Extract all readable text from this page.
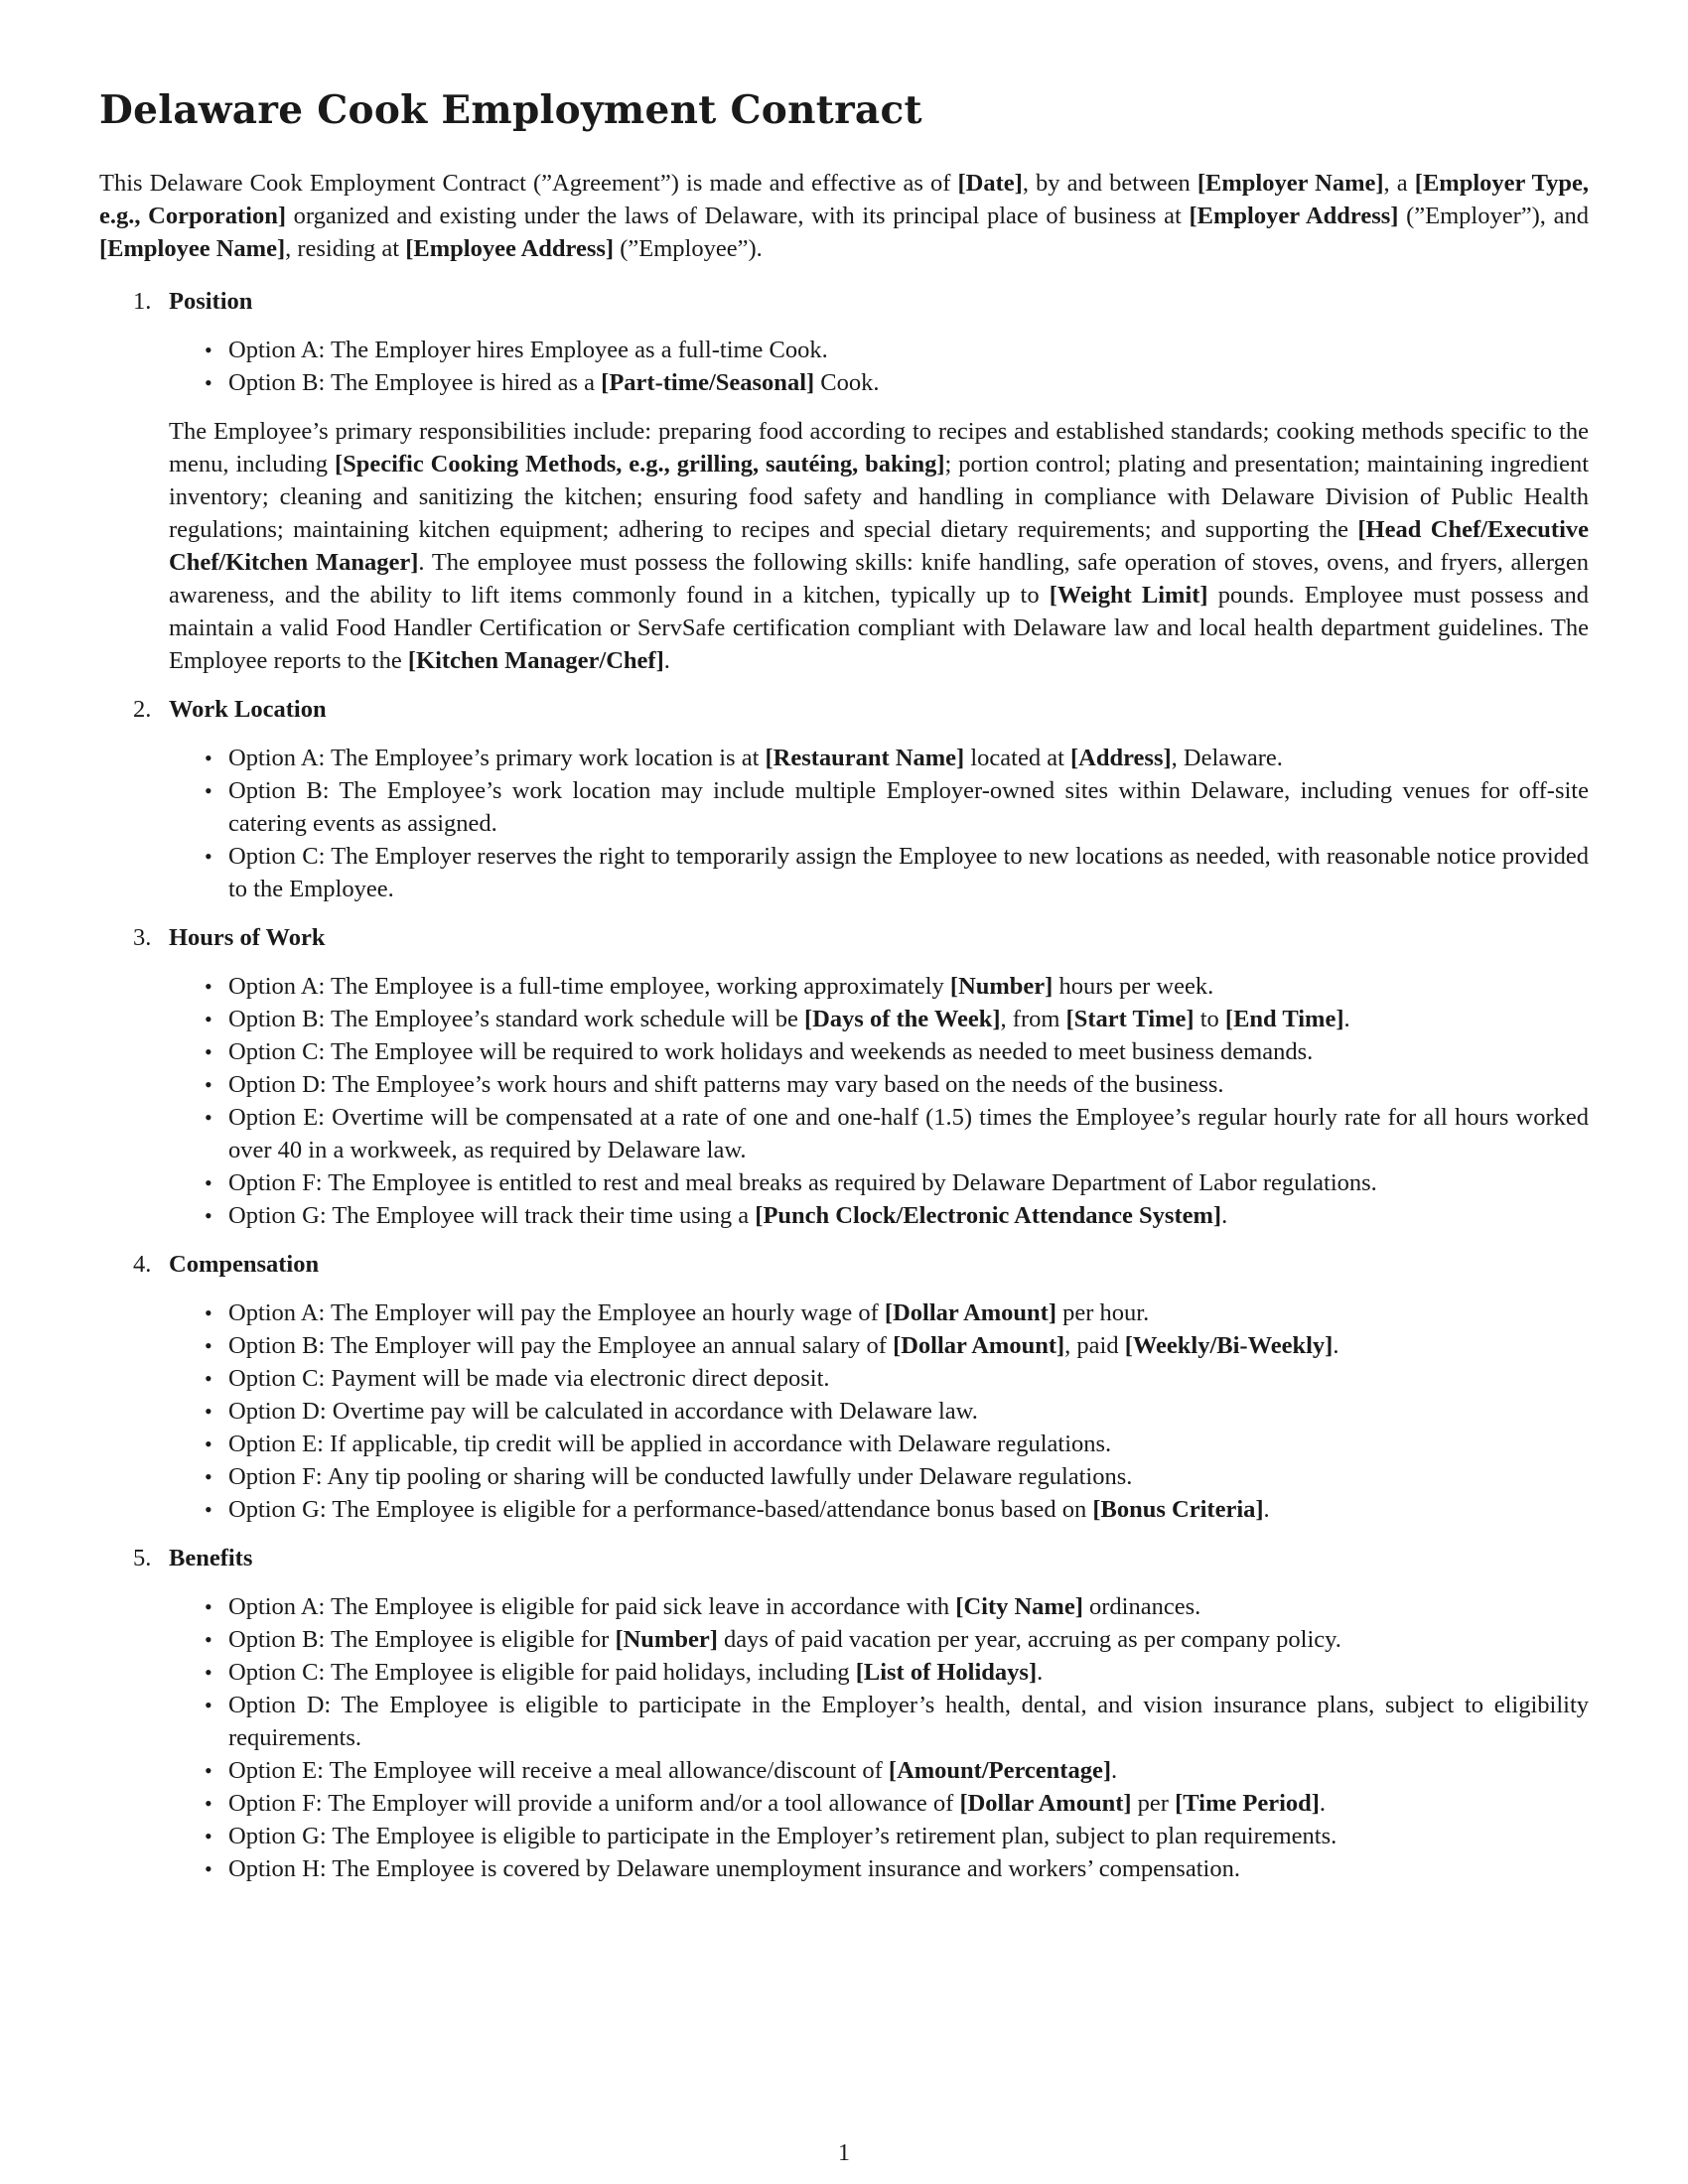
Delaware Cook Employment Contract

This Delaware Cook Employment Contract (”Agreement”) is made and effective as of [Date], by and between [Employer Name], a [Employer Type, e.g., Corporation] organized and existing under the laws of Delaware, with its principal place of business at [Employer Address] (”Employer”), and [Employee Name], residing at [Employee Address] (”Employee”).

1. Position
• Option A: The Employer hires Employee as a full-time Cook.
• Option B: The Employee is hired as a [Part-time/Seasonal] Cook.

The Employee’s primary responsibilities include: preparing food according to recipes and established standards; cooking methods specific to the menu, including [Specific Cooking Methods, e.g., grilling, sautéing, baking]; portion control; plating and presentation; maintaining ingredient inventory; cleaning and sanitizing the kitchen; ensuring food safety and handling in compliance with Delaware Division of Public Health regulations; maintaining kitchen equipment; adhering to recipes and special dietary requirements; and supporting the [Head Chef/Executive Chef/Kitchen Manager]. The employee must possess the following skills: knife handling, safe operation of stoves, ovens, and fryers, allergen awareness, and the ability to lift items commonly found in a kitchen, typically up to [Weight Limit] pounds. Employee must possess and maintain a valid Food Handler Certification or ServSafe certification compliant with Delaware law and local health department guidelines. The Employee reports to the [Kitchen Manager/Chef].

2. Work Location
• Option A: The Employee’s primary work location is at [Restaurant Name] located at [Address], Delaware.
• Option B: The Employee’s work location may include multiple Employer-owned sites within Delaware, including venues for off-site catering events as assigned.
• Option C: The Employer reserves the right to temporarily assign the Employee to new locations as needed, with reasonable notice provided to the Employee.
3. Hours of Work
• Option A: The Employee is a full-time employee, working approximately [Number] hours per week.
• Option B: The Employee’s standard work schedule will be [Days of the Week], from [Start Time] to [End Time].
• Option C: The Employee will be required to work holidays and weekends as needed to meet business demands.
• Option D: The Employee’s work hours and shift patterns may vary based on the needs of the business.
• Option E: Overtime will be compensated at a rate of one and one-half (1.5) times the Employee’s regular hourly rate for all hours worked over 40 in a workweek, as required by Delaware law.
• Option F: The Employee is entitled to rest and meal breaks as required by Delaware Department of Labor regulations.
• Option G: The Employee will track their time using a [Punch Clock/Electronic Attendance System].
4. Compensation
• Option A: The Employer will pay the Employee an hourly wage of [Dollar Amount] per hour.
• Option B: The Employer will pay the Employee an annual salary of [Dollar Amount], paid [Weekly/Bi-Weekly].
• Option C: Payment will be made via electronic direct deposit.
• Option D: Overtime pay will be calculated in accordance with Delaware law.
• Option E: If applicable, tip credit will be applied in accordance with Delaware regulations.
• Option F: Any tip pooling or sharing will be conducted lawfully under Delaware regulations.
• Option G: The Employee is eligible for a performance-based/attendance bonus based on [Bonus Criteria].
5. Benefits
• Option A: The Employee is eligible for paid sick leave in accordance with [City Name] ordinances.
• Option B: The Employee is eligible for [Number] days of paid vacation per year, accruing as per company policy.
• Option C: The Employee is eligible for paid holidays, including [List of Holidays].
• Option D: The Employee is eligible to participate in the Employer’s health, dental, and vision insurance plans, subject to eligibility requirements.
• Option E: The Employee will receive a meal allowance/discount of [Amount/Percentage].
• Option F: The Employer will provide a uniform and/or a tool allowance of [Dollar Amount] per [Time Period].
• Option G: The Employee is eligible to participate in the Employer’s retirement plan, subject to plan requirements.
• Option H: The Employee is covered by Delaware unemployment insurance and workers’ compensation.
1
